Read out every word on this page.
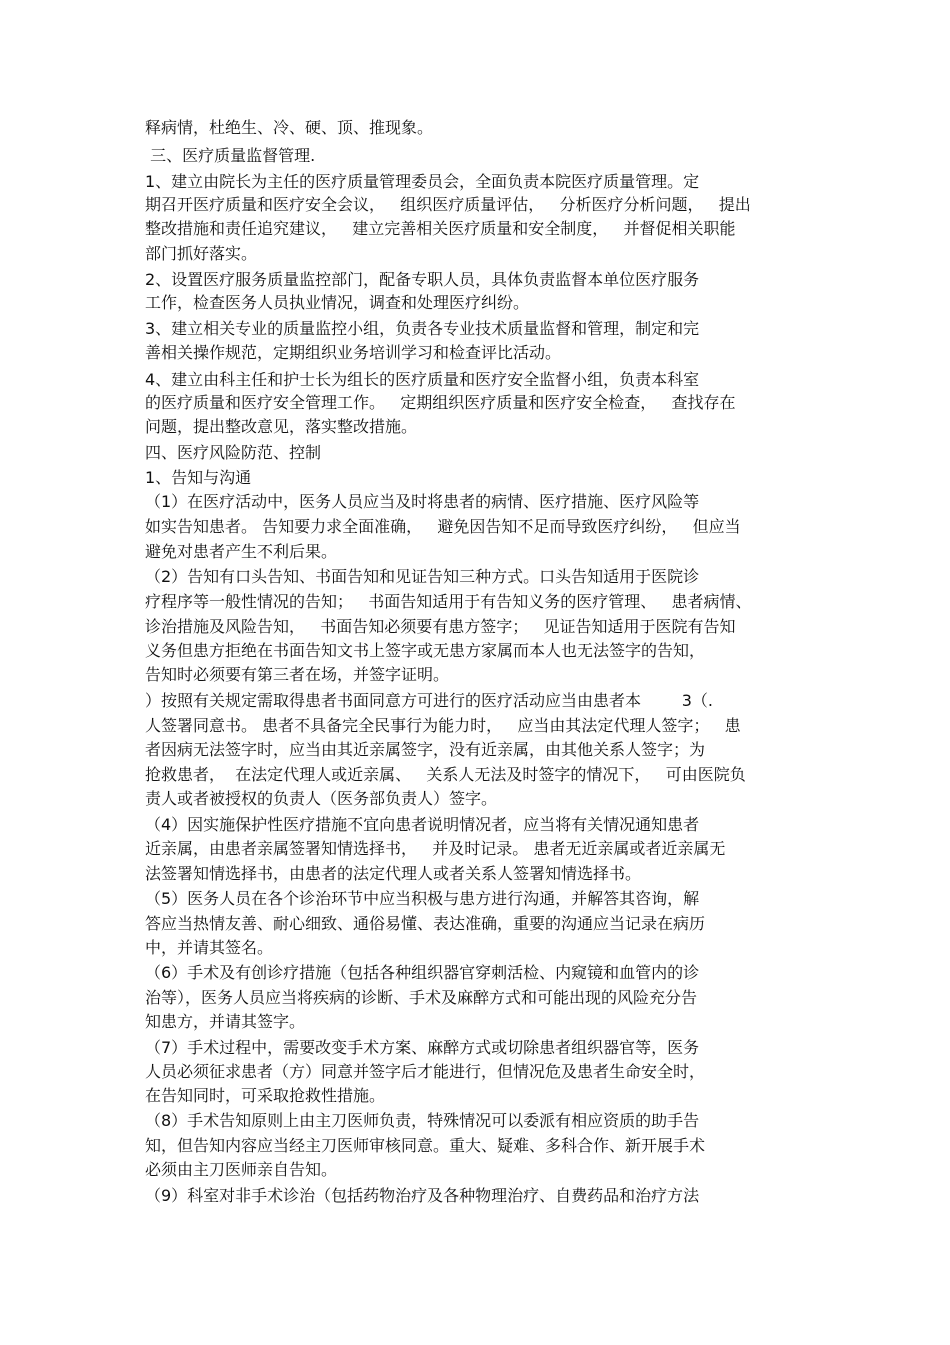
释病情，杜绝生、冷、硬、顶、推现象。
三、医疗质量监督管理.
1、建立由院长为主任的医疗质量管理委员会，全面负责本院医疗质量管理。定
期召开医疗质量和医疗安全会议，   组织医疗质量评估，   分析医疗分析问题，   提出
整改措施和责任追究建议，   建立完善相关医疗质量和安全制度，   并督促相关职能
部门抓好落实。
2、设置医疗服务质量监控部门，配备专职人员，具体负责监督本单位医疗服务
工作，检查医务人员执业情况，调查和处理医疗纠纷。
3、建立相关专业的质量监控小组，负责各专业技术质量监督和管理，制定和完
善相关操作规范，定期组织业务培训学习和检查评比活动。
4、建立由科主任和护士长为组长的医疗质量和医疗安全监督小组，负责本科室
的医疗质量和医疗安全管理工作。   定期组织医疗质量和医疗安全检查，   查找存在
问题，提出整改意见，落实整改措施。
四、医疗风险防范、控制
1、告知与沟通
（1）在医疗活动中，医务人员应当及时将患者的病情、医疗措施、医疗风险等
如实告知患者。 告知要力求全面准确，   避免因告知不足而导致医疗纠纷，   但应当
避免对患者产生不利后果。
（2）告知有口头告知、书面告知和见证告知三种方式。口头告知适用于医院诊
疗程序等一般性情况的告知；   书面告知适用于有告知义务的医疗管理、   患者病情、
诊治措施及风险告知，   书面告知必须要有患方签字；   见证告知适用于医院有告知
义务但患方拒绝在书面告知文书上签字或无患方家属而本人也无法签字的告知，
告知时必须要有第三者在场，并签字证明。
）按照有关规定需取得患者书面同意方可进行的医疗活动应当由患者本        3（.
人签署同意书。 患者不具备完全民事行为能力时，   应当由其法定代理人签字；   患
者因病无法签字时，应当由其近亲属签字，没有近亲属，由其他关系人签字；为
抢救患者，  在法定代理人或近亲属、   关系人无法及时签字的情况下，   可由医院负
责人或者被授权的负责人（医务部负责人）签字。
（4）因实施保护性医疗措施不宜向患者说明情况者，应当将有关情况通知患者
近亲属，由患者亲属签署知情选择书，   并及时记录。 患者无近亲属或者近亲属无
法签署知情选择书，由患者的法定代理人或者关系人签署知情选择书。
（5）医务人员在各个诊治环节中应当积极与患方进行沟通，并解答其咨询，解
答应当热情友善、耐心细致、通俗易懂、表达准确，重要的沟通应当记录在病历
中，并请其签名。
（6）手术及有创诊疗措施（包括各种组织器官穿刺活检、内窥镜和血管内的诊
治等），医务人员应当将疾病的诊断、手术及麻醉方式和可能出现的风险充分告
知患方，并请其签字。
（7）手术过程中，需要改变手术方案、麻醉方式或切除患者组织器官等，医务
人员必须征求患者（方）同意并签字后才能进行，但情况危及患者生命安全时，
在告知同时，可采取抢救性措施。
（8）手术告知原则上由主刀医师负责，特殊情况可以委派有相应资质的助手告
知，但告知内容应当经主刀医师审核同意。重大、疑难、多科合作、新开展手术
必须由主刀医师亲自告知。
（9）科室对非手术诊治（包括药物治疗及各种物理治疗、自费药品和治疗方法
